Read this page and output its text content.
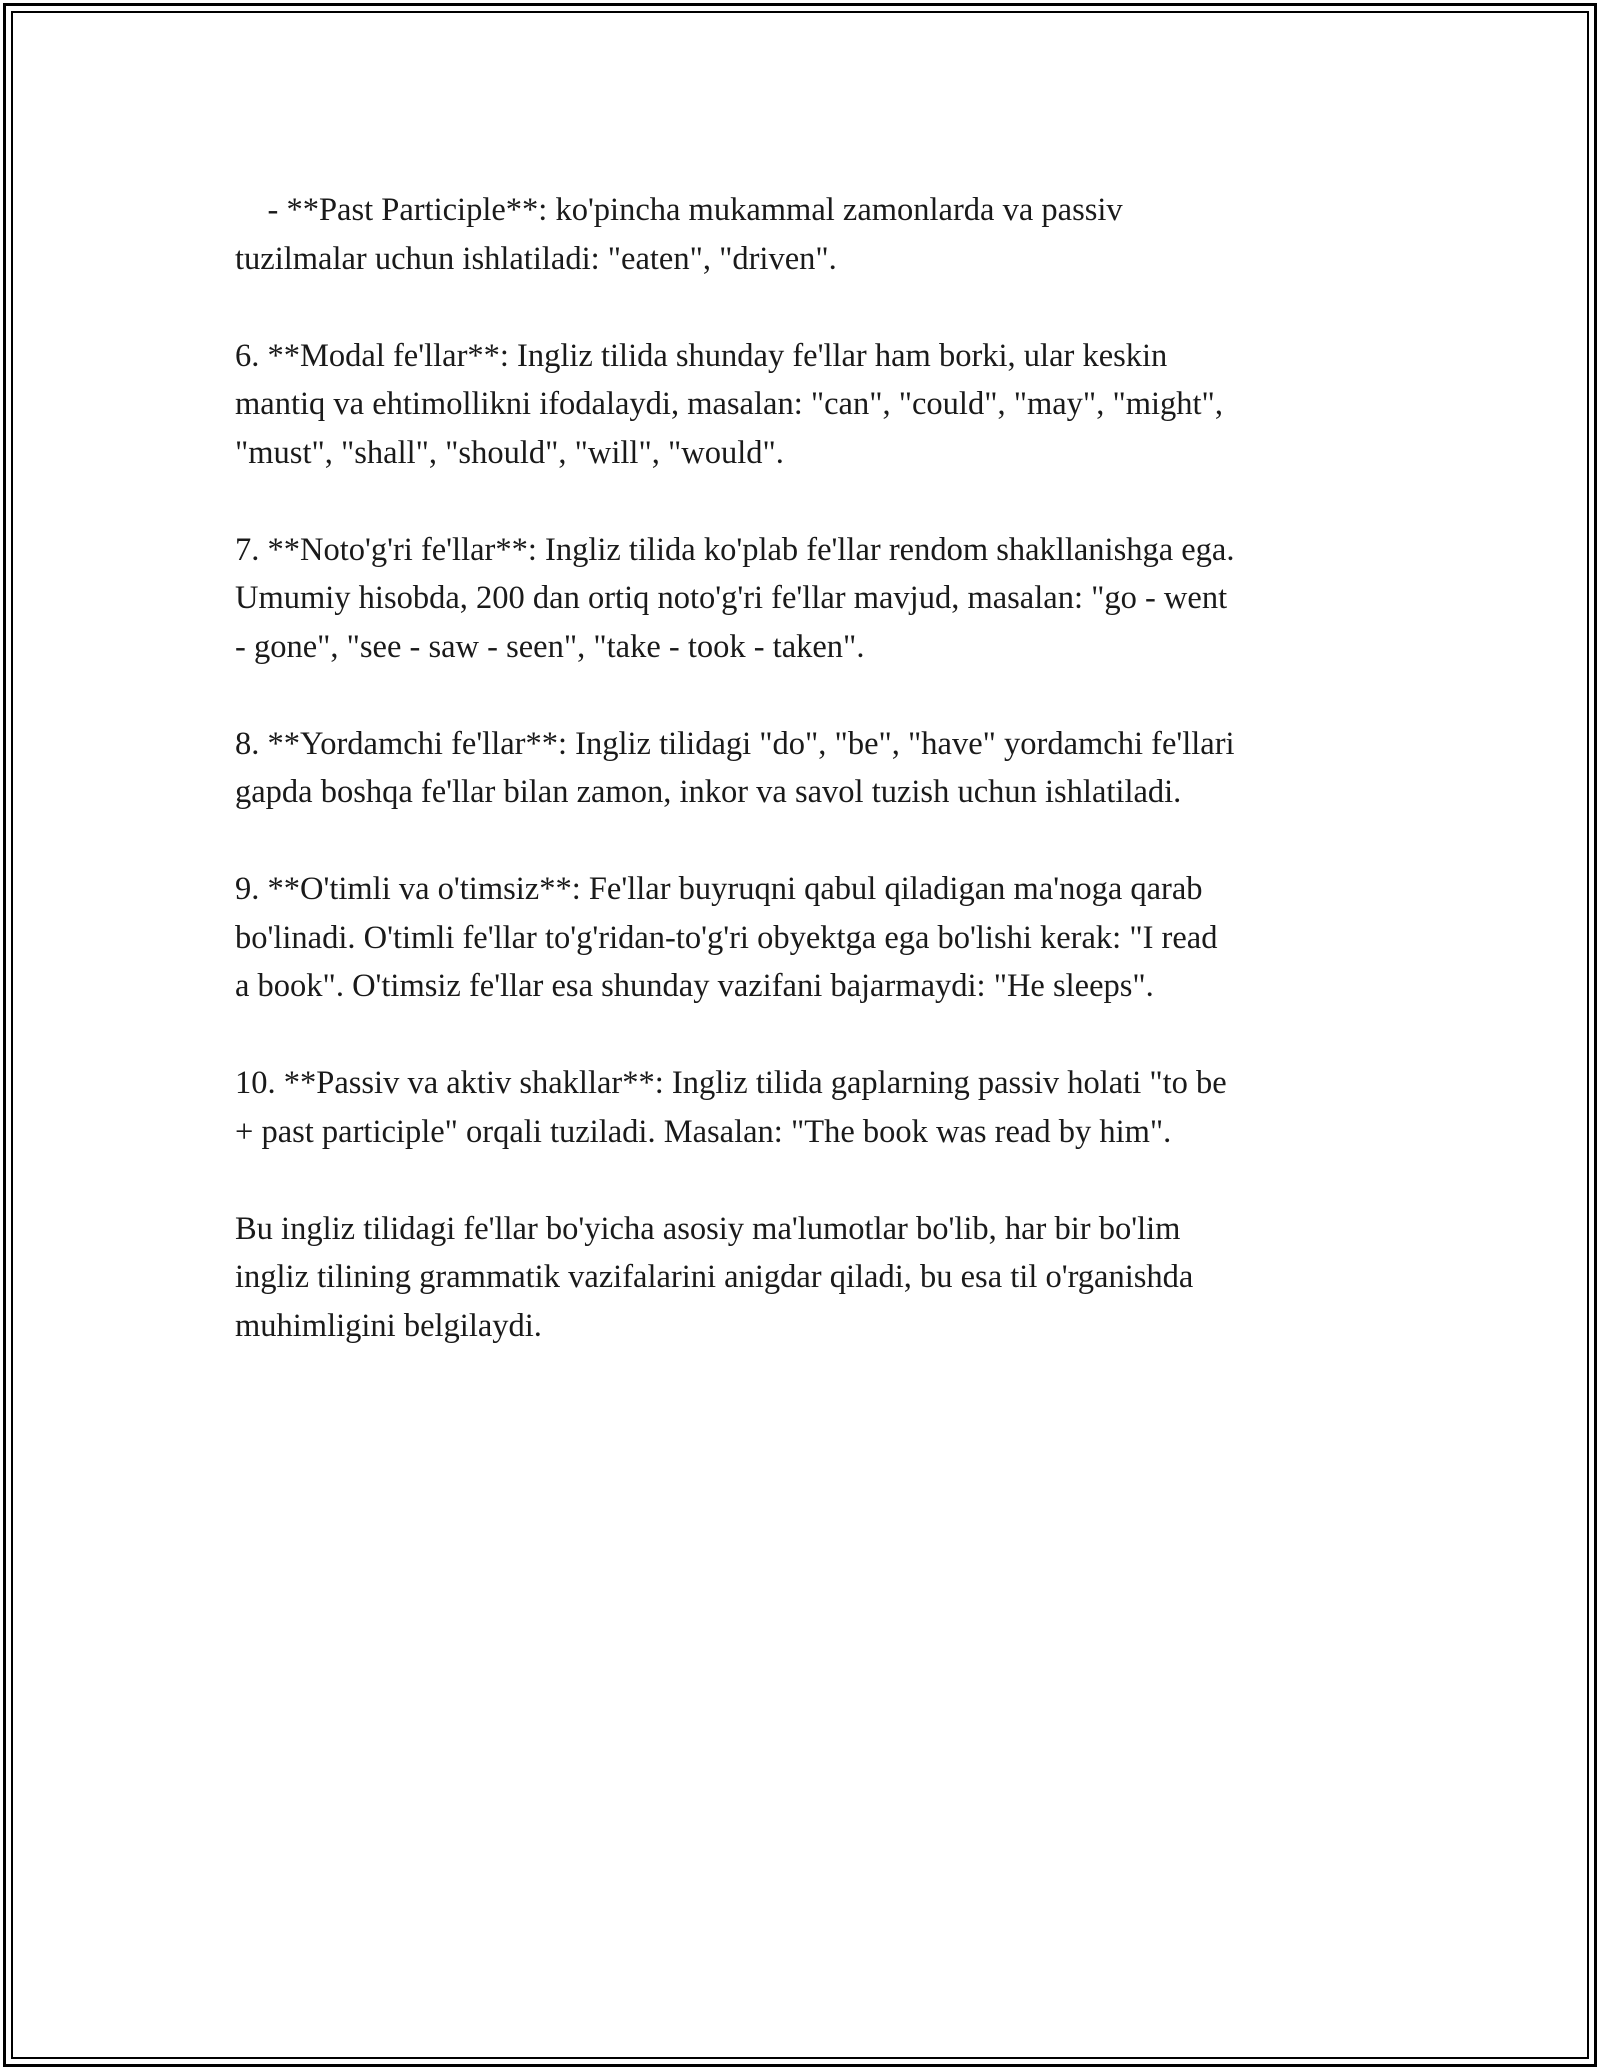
- **Past Participle**: ko'pincha mukammal zamonlarda va passiv
tuzilmalar uchun ishlatiladi: "eaten", "driven".
6. **Modal fe'llar**: Ingliz tilida shunday fe'llar ham borki, ular keskin
mantiq va ehtimollikni ifodalaydi, masalan: "can", "could", "may", "might",
"must", "shall", "should", "will", "would".
7. **Noto'g'ri fe'llar**: Ingliz tilida ko'plab fe'llar rendom shakllanishga ega.
Umumiy hisobda, 200 dan ortiq noto'g'ri fe'llar mavjud, masalan: "go - went
- gone", "see - saw - seen", "take - took - taken".
8. **Yordamchi fe'llar**: Ingliz tilidagi "do", "be", "have" yordamchi fe'llari
gapda boshqa fe'llar bilan zamon, inkor va savol tuzish uchun ishlatiladi.
9. **O'timli va o'timsiz**: Fe'llar buyruqni qabul qiladigan ma'noga qarab
bo'linadi. O'timli fe'llar to'g'ridan-to'g'ri obyektga ega bo'lishi kerak: "I read
a book". O'timsiz fe'llar esa shunday vazifani bajarmaydi: "He sleeps".
10. **Passiv va aktiv shakllar**: Ingliz tilida gaplarning passiv holati "to be
+ past participle" orqali tuziladi. Masalan: "The book was read by him".
Bu ingliz tilidagi fe'llar bo'yicha asosiy ma'lumotlar bo'lib, har bir bo'lim
ingliz tilining grammatik vazifalarini anigdar qiladi, bu esa til o'rganishda
muhimligini belgilaydi.
